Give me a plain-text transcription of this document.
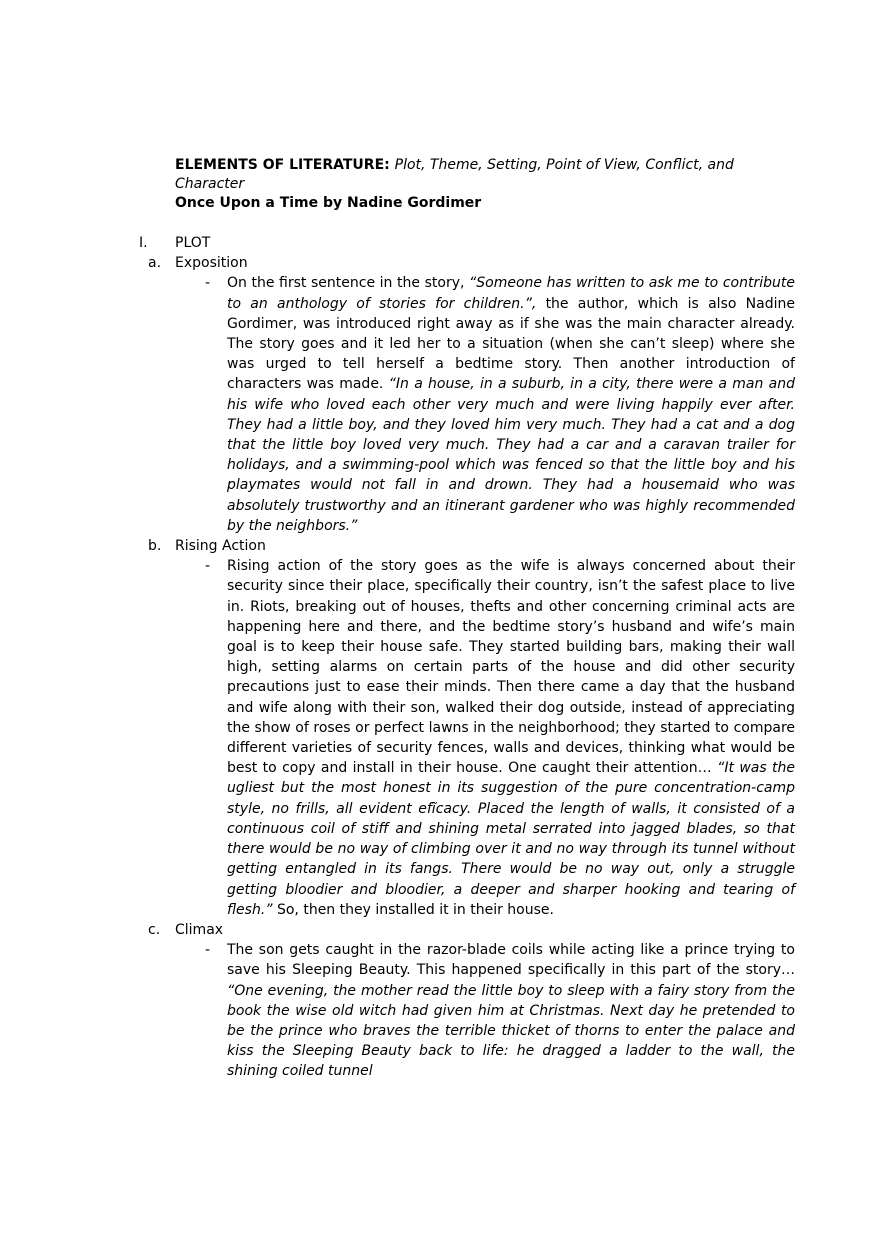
ELEMENTS OF LITERATURE: Plot, Theme, Setting, Point of View, Conflict, and Character

Once Upon a Time by Nadine Gordimer

I.	PLOT
a. Exposition
-	On the first sentence in the story, “Someone has written to ask me to contribute to an anthology of stories for children.”, the author, which is also Nadine Gordimer, was introduced right away as if she was the main character already. The story goes and it led her to a situation (when she can’t sleep) where she was urged to tell herself a bedtime story. Then another introduction of characters was made. “In a house, in a suburb, in a city, there were a man and his wife who loved each other very much and were living happily ever after. They had a little boy, and they loved him very much. They had a cat and a dog that the little boy loved very much. They had a car and a caravan trailer for holidays, and a swimming-pool which was fenced so that the little boy and his playmates would not fall in and drown. They had a housemaid who was absolutely trustworthy and an itinerant gardener who was highly recommended by the neighbors.”

b. Rising Action
-	Rising action of the story goes as the wife is always concerned about their security since their place, specifically their country, isn’t the safest place to live in. Riots, breaking out of houses, thefts and other concerning criminal acts are happening here and there, and the bedtime story’s husband and wife’s main goal is to keep their house safe. They started building bars, making their wall high, setting alarms on certain parts of the house and did other security precautions just to ease their minds. Then there came a day that the husband and wife along with their son, walked their dog outside, instead of appreciating the show of roses or perfect lawns in the neighborhood; they started to compare different varieties of security fences, walls and devices, thinking what would be best to copy and install in their house. One caught their attention… “It was the ugliest but the most honest in its suggestion of the pure concentration-camp style, no frills, all evident efĩcacy. Placed the length of walls, it consisted of a continuous coil of stiff and shining metal serrated into jagged blades, so that there would be no way of climbing over it and no way through its tunnel without getting entangled in its fangs. There would be no way out, only a struggle getting bloodier and bloodier, a deeper and sharper hooking and tearing of flesh.” So, then they installed it in their house.

c.	Climax
-	The son gets caught in the razor-blade coils while acting like a prince trying to save his Sleeping Beauty. This happened specifically in this part of the story… “One evening, the mother read the little boy to sleep with a fairy story from the book the wise old witch had given him at Christmas. Next day he pretended to be the prince who braves the terrible thicket of thorns to enter the palace and kiss the Sleeping Beauty back to life: he dragged a ladder to the wall, the shining coiled tunnel
